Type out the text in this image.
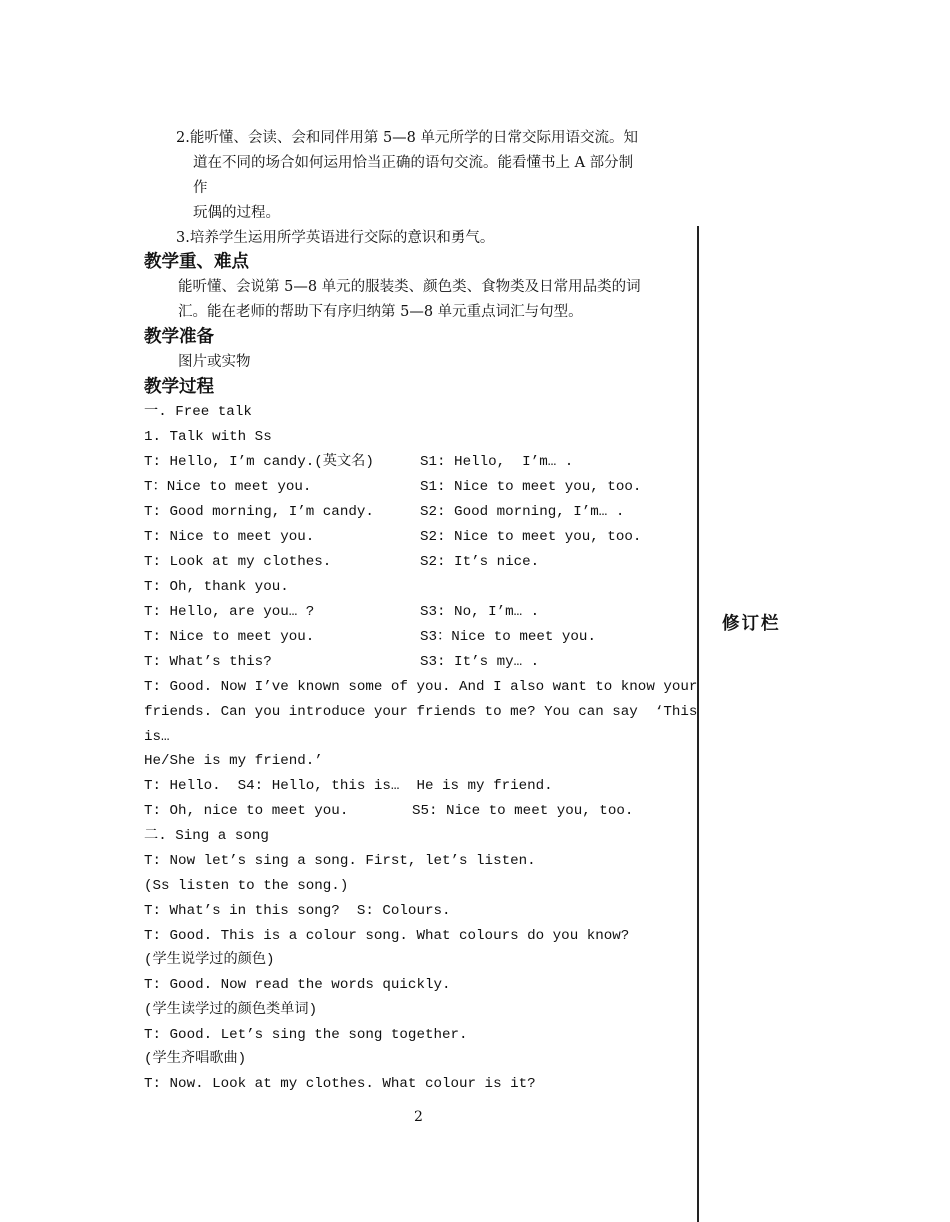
2.能听懂、会读、会和同伴用第 5—8 单元所学的日常交际用语交流。知
道在不同的场合如何运用恰当正确的语句交流。能看懂书上 A 部分制
作
玩偶的过程。
3.培养学生运用所学英语进行交际的意识和勇气。
教学重、难点
能听懂、会说第 5—8 单元的服装类、颜色类、食物类及日常用品类的词
汇。能在老师的帮助下有序归纳第 5—8 单元重点词汇与句型。
教学准备
图片或实物
教学过程
一. Free talk
1. Talk with Ss
T: Hello, I’m candy.(英文名)	S1: Hello,  I’m… .
T：Nice to meet you.	S1: Nice to meet you, too.
T: Good morning, I’m candy.	S2: Good morning, I’m… .
T: Nice to meet you.	S2: Nice to meet you, too.
T: Look at my clothes.	S2: It’s nice.
T: Oh, thank you.
T: Hello, are you… ?	S3: No, I’m… .
T: Nice to meet you.	S3：Nice to meet you.
T: What’s this?	S3: It’s my… .
T: Good. Now I’ve known some of you. And I also want to know your
friends. Can you introduce your friends to me? You can say  ‘This
is…
He/She is my friend.’
T: Hello.  S4: Hello, this is…  He is my friend.
T: Oh, nice to meet you.	S5: Nice to meet you, too.
二. Sing a song
T: Now let’s sing a song. First, let’s listen.
(Ss listen to the song.)
T: What’s in this song?  S: Colours.
T: Good. This is a colour song. What colours do you know?
(学生说学过的颜色)
T: Good. Now read the words quickly.
(学生读学过的颜色类单词)
T: Good. Let’s sing the song together.
(学生齐唱歌曲)
T: Now. Look at my clothes. What colour is it?
2
修订栏
